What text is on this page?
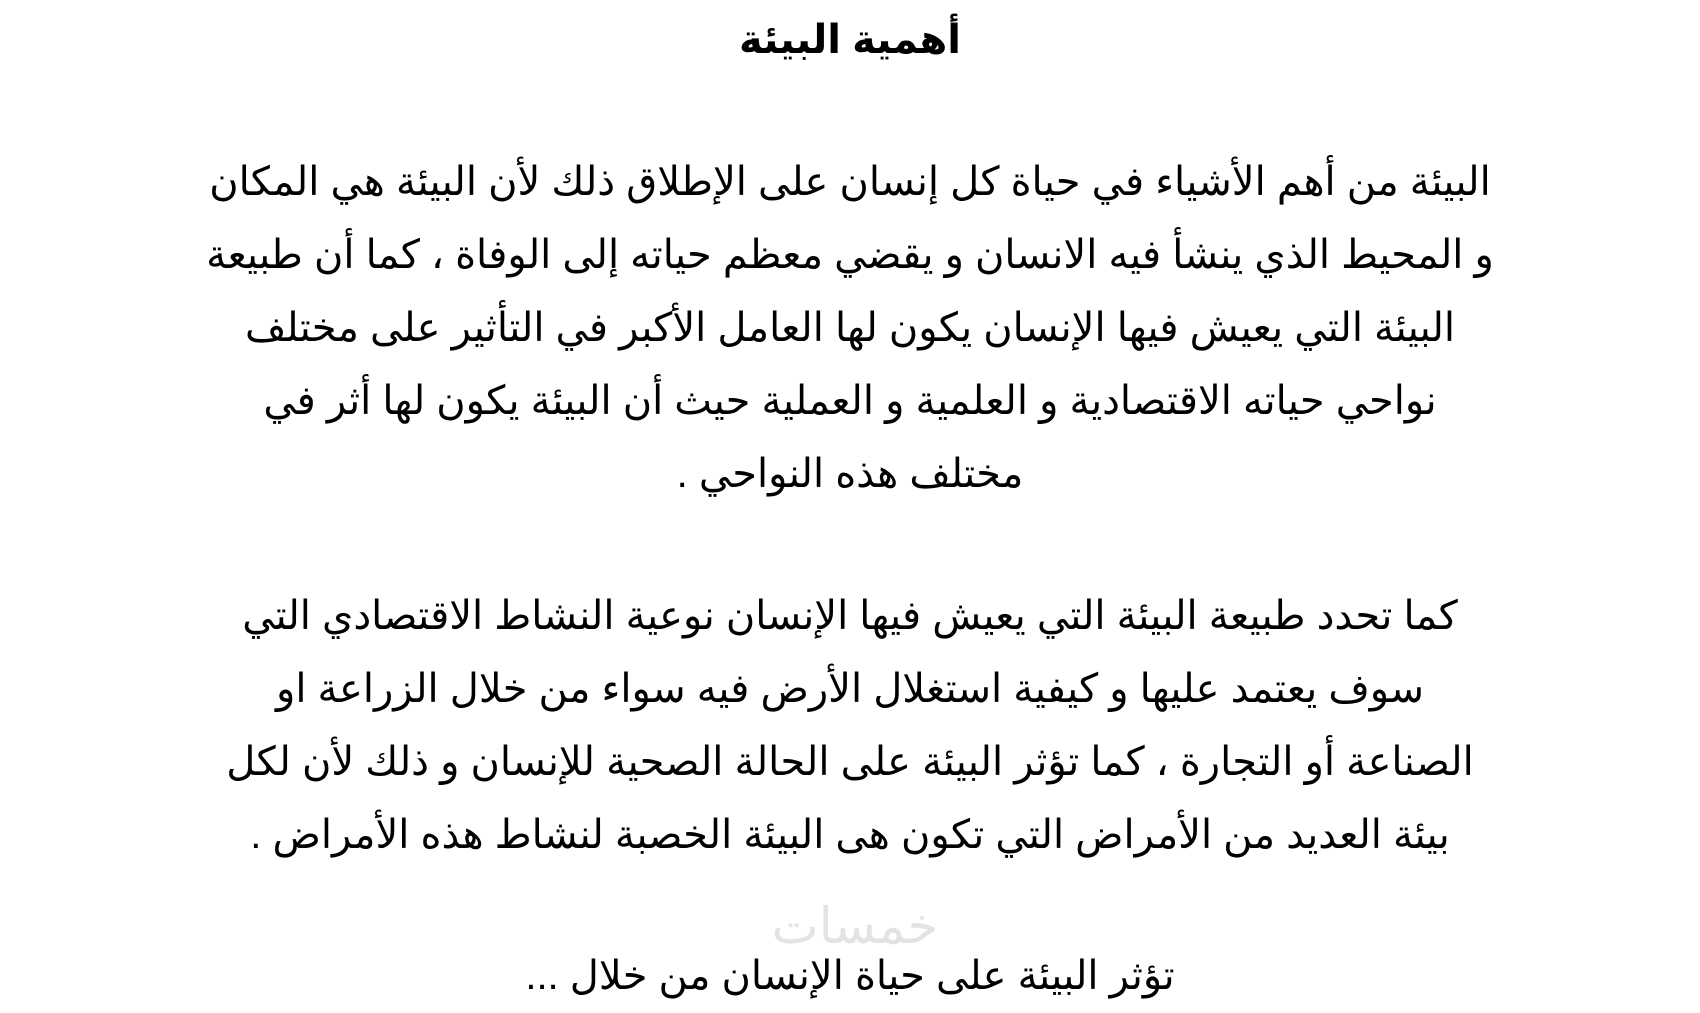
أهمية البيئة
البيئة من أهم الأشياء في حياة كل إنسان على الإطلاق ذلك لأن البيئة هي المكان
و المحيط الذي ينشأ فيه الانسان و يقضي معظم حياته إلى الوفاة ، كما أن طبيعة
البيئة التي يعيش فيها الإنسان يكون لها العامل الأكبر في التأثير على مختلف
نواحي حياته الاقتصادية و العلمية و العملية حيث أن البيئة يكون لها أثر في
مختلف هذه النواحي .
كما تحدد طبيعة البيئة التي يعيش فيها الإنسان نوعية النشاط الاقتصادي التي
سوف يعتمد عليها و كيفية استغلال الأرض فيه سواء من خلال الزراعة او
الصناعة أو التجارة ، كما تؤثر البيئة على الحالة الصحية للإنسان و ذلك لأن لكل
بيئة العديد من الأمراض التي تكون هى البيئة الخصبة لنشاط هذه الأمراض .
تؤثر البيئة على حياة الإنسان من خلال ...
خمسات
